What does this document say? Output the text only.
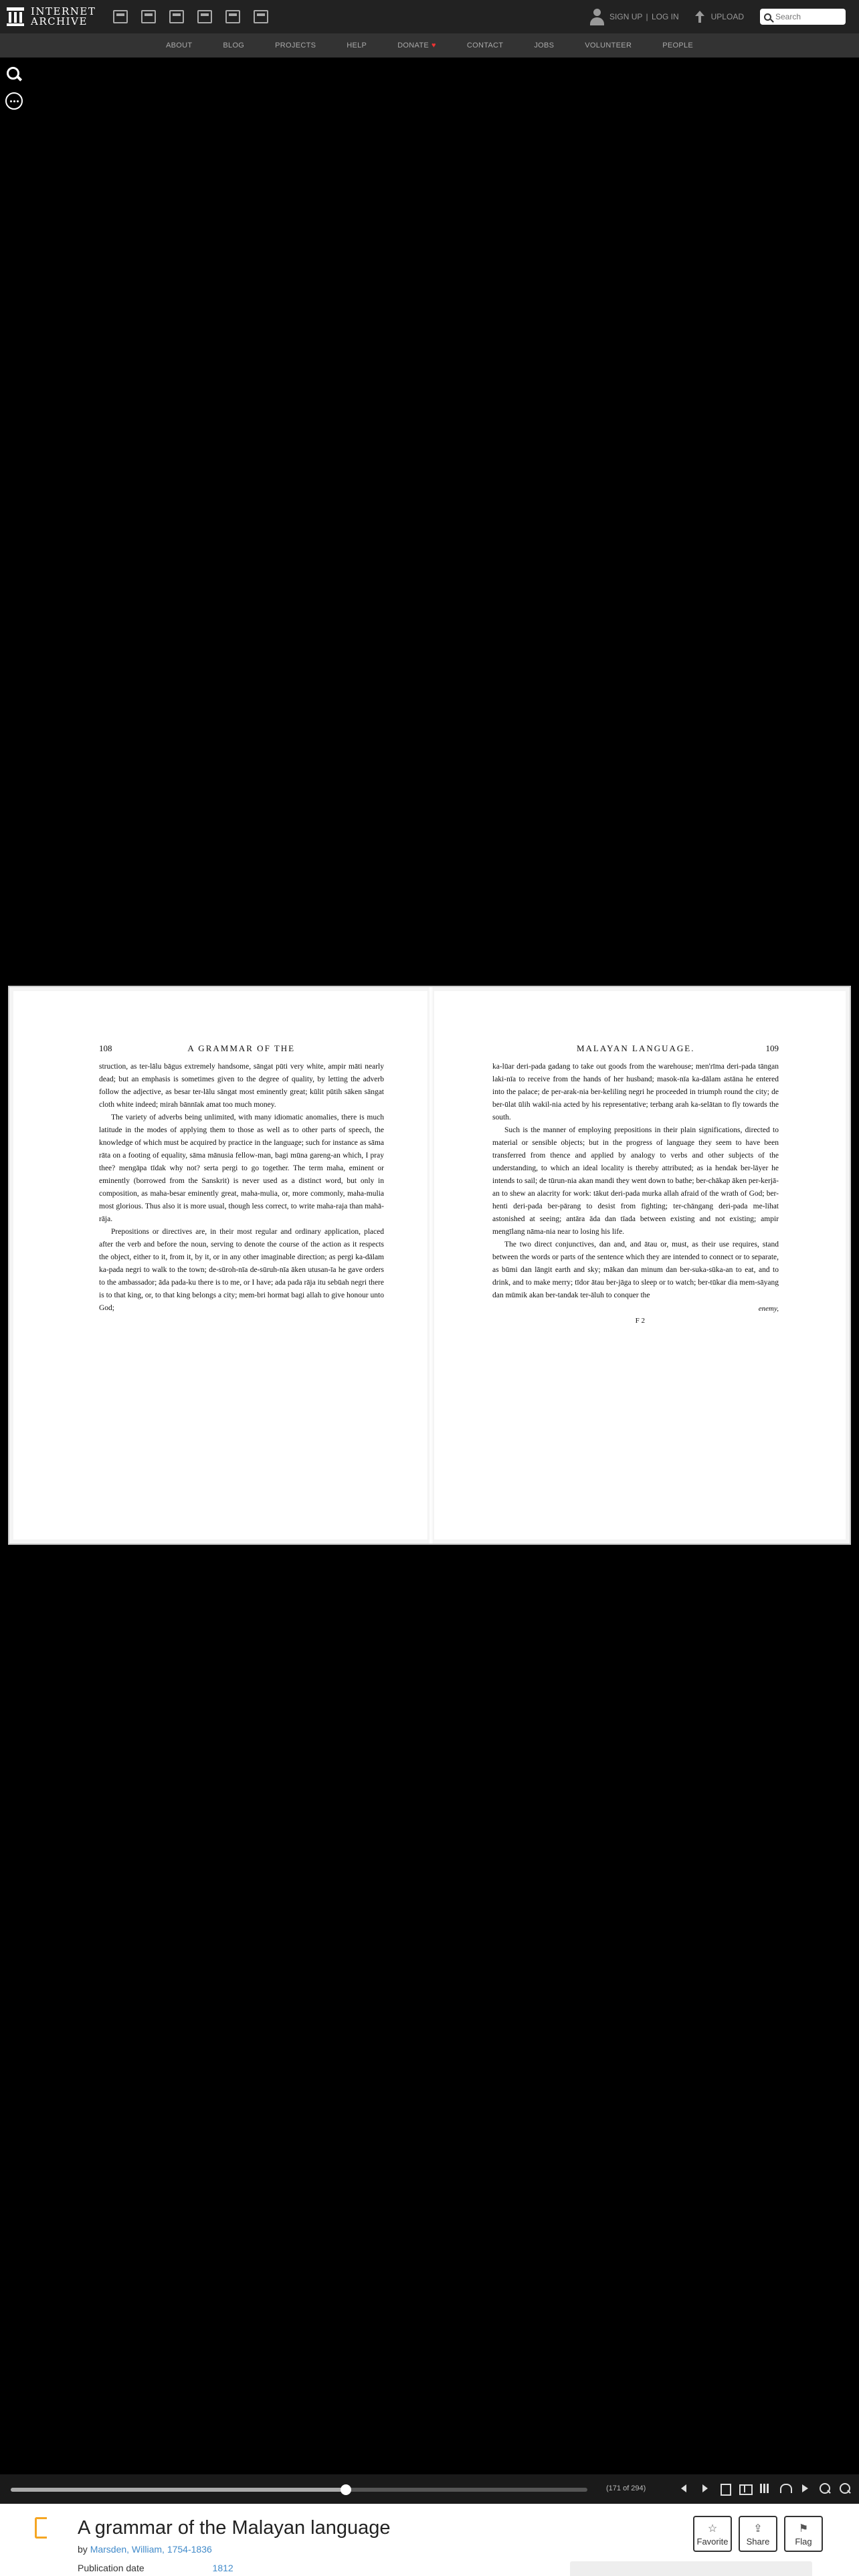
INTERNET
ARCHIVE	SIGN UP | LOG IN	UPLOAD
Search
ABOUT	BLOG	PROJECTS	HELP	DONATE ♥	CONTACT	JOBS	VOLUNTEER	PEOPLE
108	A GRAMMAR OF THE

struction, as ter-lālu bāgus extremely handsome, sāngat pūti very white, ampir māti nearly dead; but an emphasis is sometimes given to the degree of quality, by letting the adverb follow the adjective, as besar ter-lālu sāngat most eminently great; kūlit pūtih sāken sāngat cloth white indeed; mirah bānnīak amat too much money.

The variety of adverbs being unlimited, with many idiomatic anomalies, there is much latitude in the modes of applying them to those as well as to other parts of speech, the knowledge of which must be acquired by practice in the language; such for instance as sāma rāta on a footing of equality, sāma mānusia fellow-man, bagi mūna gareng-an which, I pray thee? mengāpa tīdak why not? serta pergi to go together. The term maha, eminent or eminently (borrowed from the Sanskrit) is never used as a distinct word, but only in composition, as maha-besar eminently great, maha-mulia, or, more commonly, maha-mulia most glorious. Thus also it is more usual, though less correct, to write maha-raja than mahā-rāja.

Prepositions or directives are, in their most regular and ordinary application, placed after the verb and before the noun, serving to denote the course of the action as it respects the object, either to it, from it, by it, or in any other imaginable direction; as pergi ka-dālam ka-pada negri to walk to the town; de-sūroh-nīa de-sūruh-nīa āken utusan-īa he gave orders to the ambassador; āda pada-ku there is to me, or I have; ada pada rāja itu sebūah negri there is to that king, or, to that king belongs a city; mem-bri hormat bagi allah to give honour unto God;

MALAYAN LANGUAGE.	109

ka-lūar deri-pada gadang to take out goods from the warehouse; men'rīma deri-pada tāngan laki-nīa to receive from the hands of her husband; masok-nīa ka-dālam astāna he entered into the palace; de per-arak-nia ber-keliling negri he proceeded in triumph round the city; de ber-ūlat ūlih wakil-nia acted by his representative; terbang arah ka-selātan to fly towards the south.

Such is the manner of employing prepositions in their plain significations, directed to material or sensible objects; but in the progress of language they seem to have been transferred from thence and applied by analogy to verbs and other subjects of the understanding, to which an ideal locality is thereby attributed; as ia hendak ber-lāyer he intends to sail; de tūrun-nia akan mandi they went down to bathe; ber-chākap āken per-kerjā-an to shew an alacrity for work: tākut deri-pada murka allah afraid of the wrath of God; ber-henti deri-pada ber-pārang to desist from fighting; ter-chāngang deri-pada me-lihat astonished at seeing; antāra āda dan tīada between existing and not existing; ampir mengīlang nāma-nia near to losing his life.

The two direct conjunctives, dan and, and ātau or, must, as their use requires, stand between the words or parts of the sentence which they are intended to connect or to separate, as būmi dan lāngit earth and sky; mākan dan minum dan ber-suka-sūka-an to eat, and to drink, and to make merry; tīdor ātau ber-jāga to sleep or to watch; ber-tūkar dia mem-sāyang dan mūmik akan ber-tandak ter-āluh to conquer the

enemy,
F 2
(171 of 294)
A grammar of the Malayan language
by Marsden, William, 1754-1836
Publication date	1812
☆
Favorite
⇪
Share
⚑
Flag
